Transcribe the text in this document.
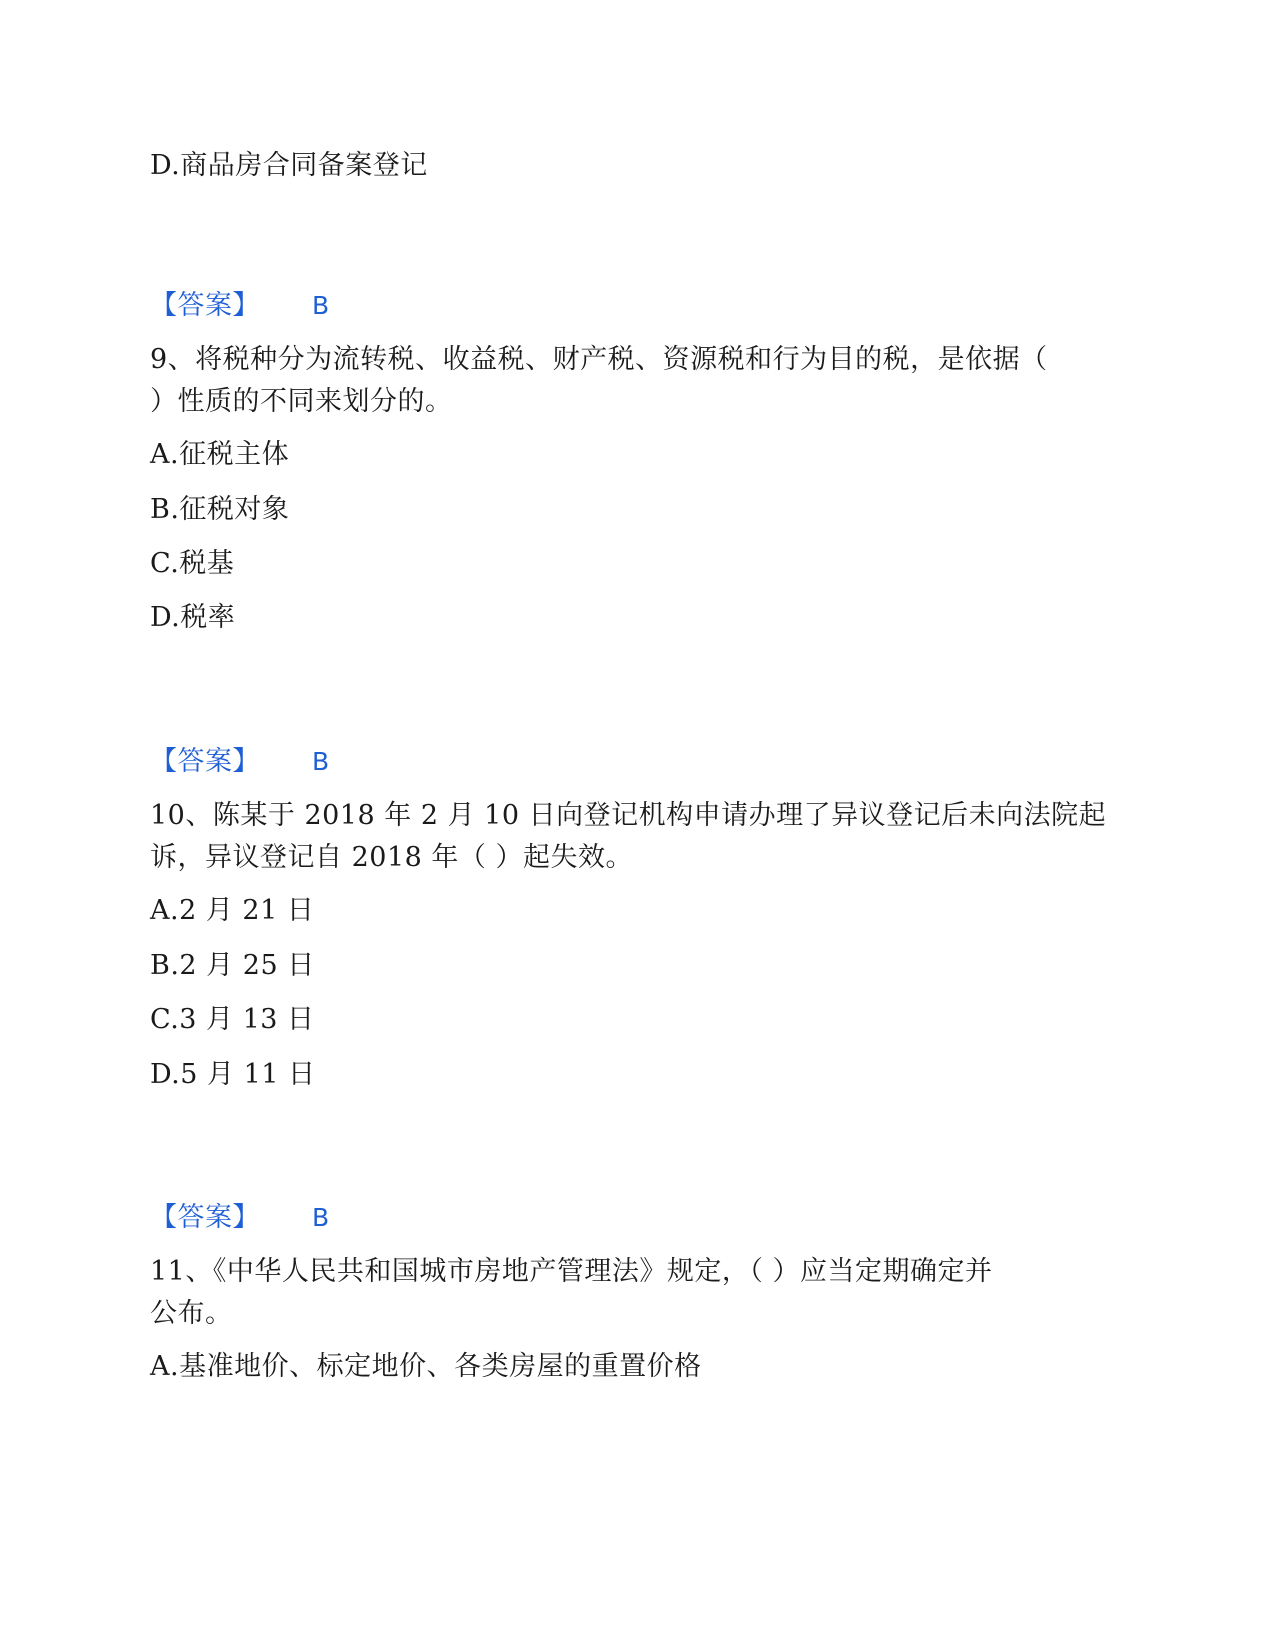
D.商品房合同备案登记
【答案】 B
9、将税种分为流转税、收益税、财产税、资源税和行为目的税，是依据（
）性质的不同来划分的。
A.征税主体
B.征税对象
C.税基
D.税率
【答案】 B
10、陈某于 2018 年 2 月 10 日向登记机构申请办理了异议登记后未向法院起
诉，异议登记自 2018 年（ ）起失效。
A.2 月 21 日
B.2 月 25 日
C.3 月 13 日
D.5 月 11 日
【答案】 B
11、《中华人民共和国城市房地产管理法》规定，（ ）应当定期确定并
公布。
A.基准地价、标定地价、各类房屋的重置价格
